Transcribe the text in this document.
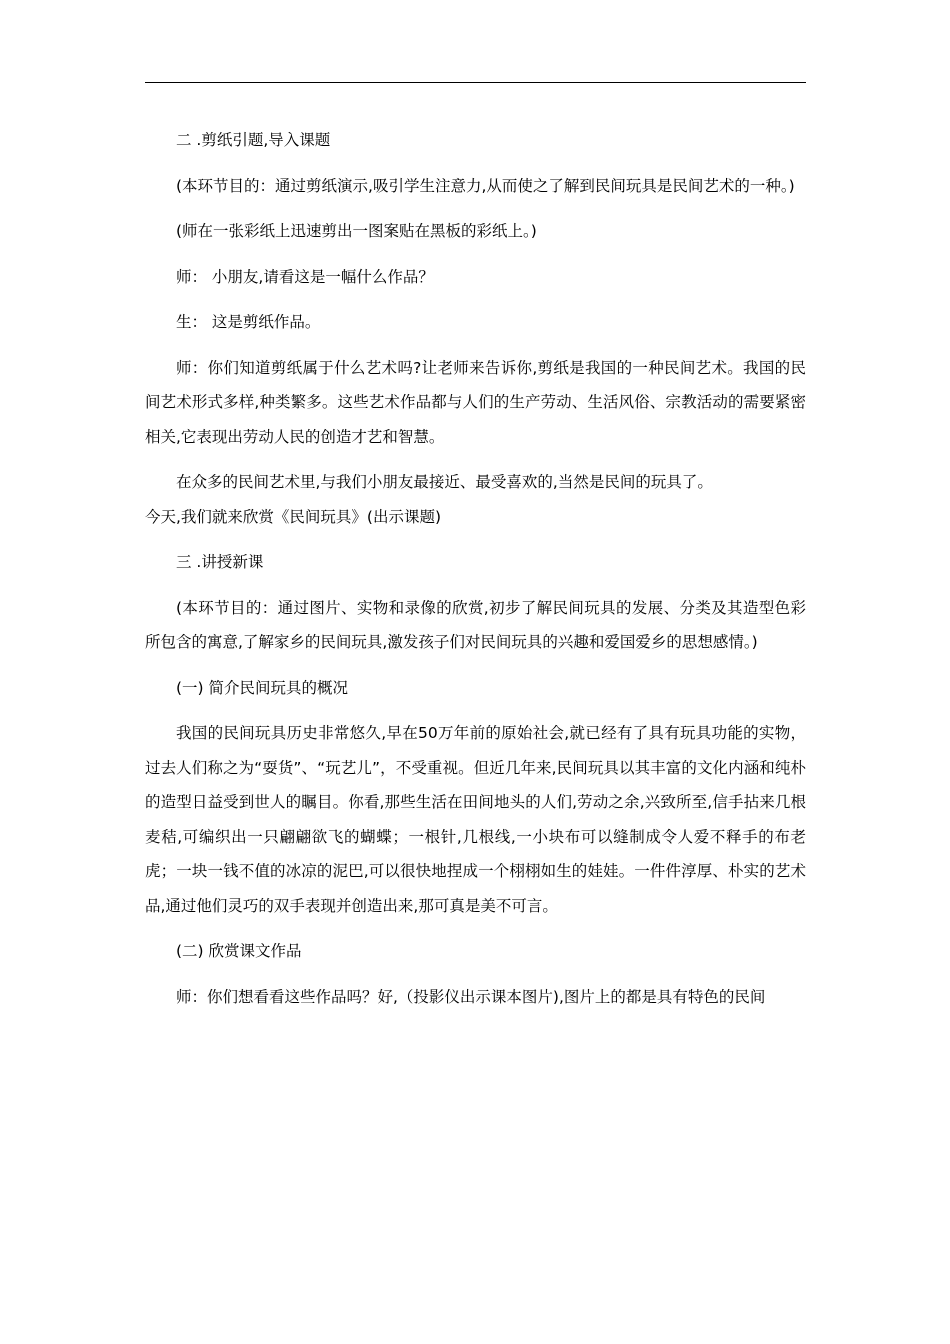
二 .剪纸引题,导入课题

(本环节目的：通过剪纸演示,吸引学生注意力,从而使之了解到民间玩具是民间艺术的一种。)

(师在一张彩纸上迅速剪出一图案贴在黑板的彩纸上。)

师： 小朋友,请看这是一幅什么作品？

生： 这是剪纸作品。

师：你们知道剪纸属于什么艺术吗?让老师来告诉你,剪纸是我国的一种民间艺术。我国的民间艺术形式多样,种类繁多。这些艺术作品都与人们的生产劳动、生活风俗、宗教活动的需要紧密相关,它表现出劳动人民的创造才艺和智慧。

在众多的民间艺术里,与我们小朋友最接近、最受喜欢的,当然是民间的玩具了。

今天,我们就来欣赏《民间玩具》(出示课题)

三 .讲授新课

(本环节目的：通过图片、实物和录像的欣赏,初步了解民间玩具的发展、分类及其造型色彩所包含的寓意,了解家乡的民间玩具,激发孩子们对民间玩具的兴趣和爱国爱乡的思想感情。)

(一) 简介民间玩具的概况

我国的民间玩具历史非常悠久,早在50万年前的原始社会,就已经有了具有玩具功能的实物，过去人们称之为“耍货”、“玩艺儿”，不受重视。但近几年来,民间玩具以其丰富的文化内涵和纯朴的造型日益受到世人的瞩目。你看,那些生活在田间地头的人们,劳动之余,兴致所至,信手拈来几根麦秸,可编织出一只翩翩欲飞的蝴蝶；一根针,几根线,一小块布可以缝制成令人爱不释手的布老虎；一块一钱不值的冰凉的泥巴,可以很快地捏成一个栩栩如生的娃娃。一件件淳厚、朴实的艺术品,通过他们灵巧的双手表现并创造出来,那可真是美不可言。

(二) 欣赏课文作品

师：你们想看看这些作品吗？好,（投影仪出示课本图片),图片上的都是具有特色的民间
